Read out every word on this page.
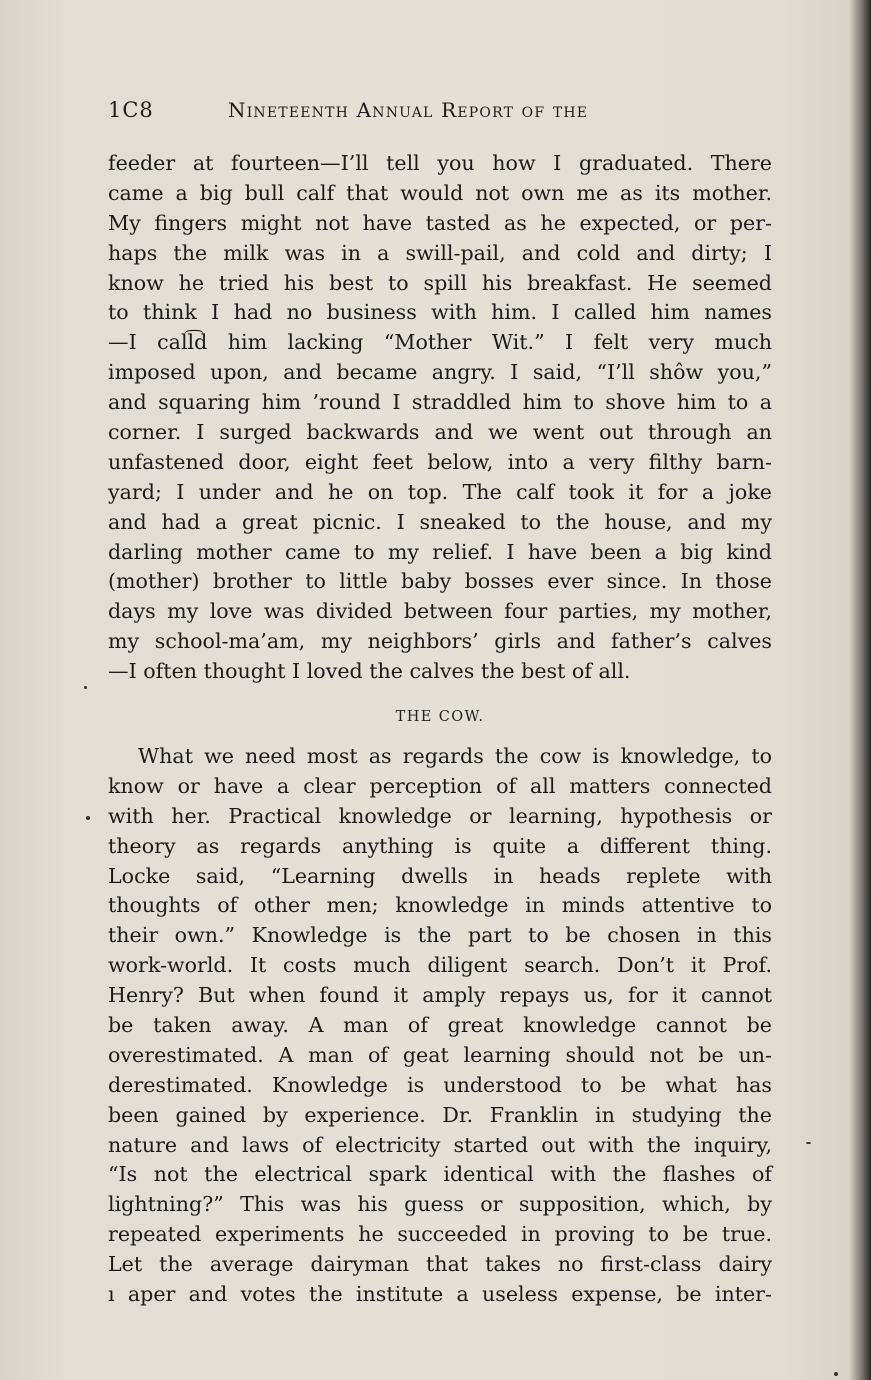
1C8	Nineteenth Annual Report of the
feeder at fourteen—I’ll tell you how I graduated. There
came a big bull calf that would not own me as its mother.
My fingers might not have tasted as he expected, or per-
haps the milk was in a swill-pail, and cold and dirty; I
know he tried his best to spill his breakfast. He seemed
to think I had no business with him. I called him names
—I call͡d him lacking “Mother Wit.” I felt very much
imposed upon, and became angry. I said, “I’ll shôw you,”
and squaring him ’round I straddled him to shove him to a
corner. I surged backwards and we went out through an
unfastened door, eight feet below, into a very filthy barn-
yard; I under and he on top. The calf took it for a joke
and had a great picnic. I sneaked to the house, and my
darling mother came to my relief. I have been a big kind
(mother) brother to little baby bosses ever since. In those
days my love was divided between four parties, my mother,
my school-ma’am, my neighbors’ girls and father’s calves
—I often thought I loved the calves the best of all.
THE COW.
What we need most as regards the cow is knowledge, to
know or have a clear perception of all matters connected
with her. Practical knowledge or learning, hypothesis or
theory as regards anything is quite a different thing.
Locke said, “Learning dwells in heads replete with
thoughts of other men; knowledge in minds attentive to
their own.” Knowledge is the part to be chosen in this
work-world. It costs much diligent search. Don’t it Prof.
Henry? But when found it amply repays us, for it cannot
be taken away. A man of great knowledge cannot be
overestimated. A man of geat learning should not be un-
derestimated. Knowledge is understood to be what has
been gained by experience. Dr. Franklin in studying the
nature and laws of electricity started out with the inquiry,
“Is not the electrical spark identical with the flashes of
lightning?” This was his guess or supposition, which, by
repeated experiments he succeeded in proving to be true.
Let the average dairyman that takes no first-class dairy
ı aper and votes the institute a useless expense, be inter-
